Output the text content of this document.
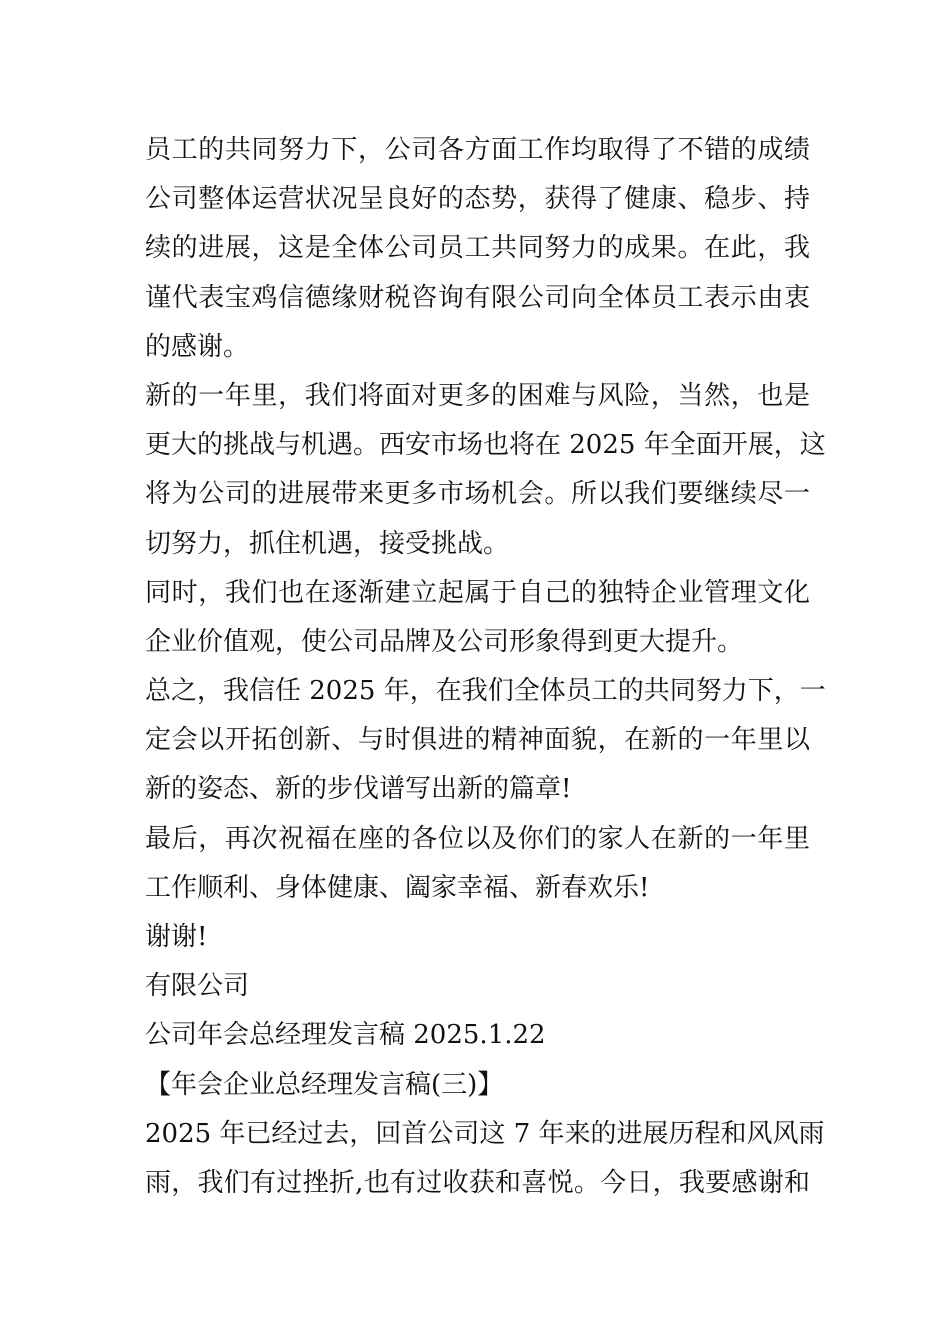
员工的共同努力下，公司各方面工作均取得了不错的成绩
公司整体运营状况呈良好的态势，获得了健康、稳步、持
续的进展，这是全体公司员工共同努力的成果。在此，我
谨代表宝鸡信德缘财税咨询有限公司向全体员工表示由衷
的感谢。
新的一年里，我们将面对更多的困难与风险，当然，也是
更大的挑战与机遇。西安市场也将在 2025 年全面开展，这
将为公司的进展带来更多市场机会。所以我们要继续尽一
切努力，抓住机遇，接受挑战。
同时，我们也在逐渐建立起属于自己的独特企业管理文化
企业价值观，使公司品牌及公司形象得到更大提升。
总之，我信任 2025 年，在我们全体员工的共同努力下，一
定会以开拓创新、与时俱进的精神面貌，在新的一年里以
新的姿态、新的步伐谱写出新的篇章!
最后，再次祝福在座的各位以及你们的家人在新的一年里
工作顺利、身体健康、阖家幸福、新春欢乐!
谢谢!
有限公司
公司年会总经理发言稿 2025.1.22
【年会企业总经理发言稿(三)】
2025 年已经过去，回首公司这 7 年来的进展历程和风风雨
雨，我们有过挫折,也有过收获和喜悦。今日，我要感谢和
